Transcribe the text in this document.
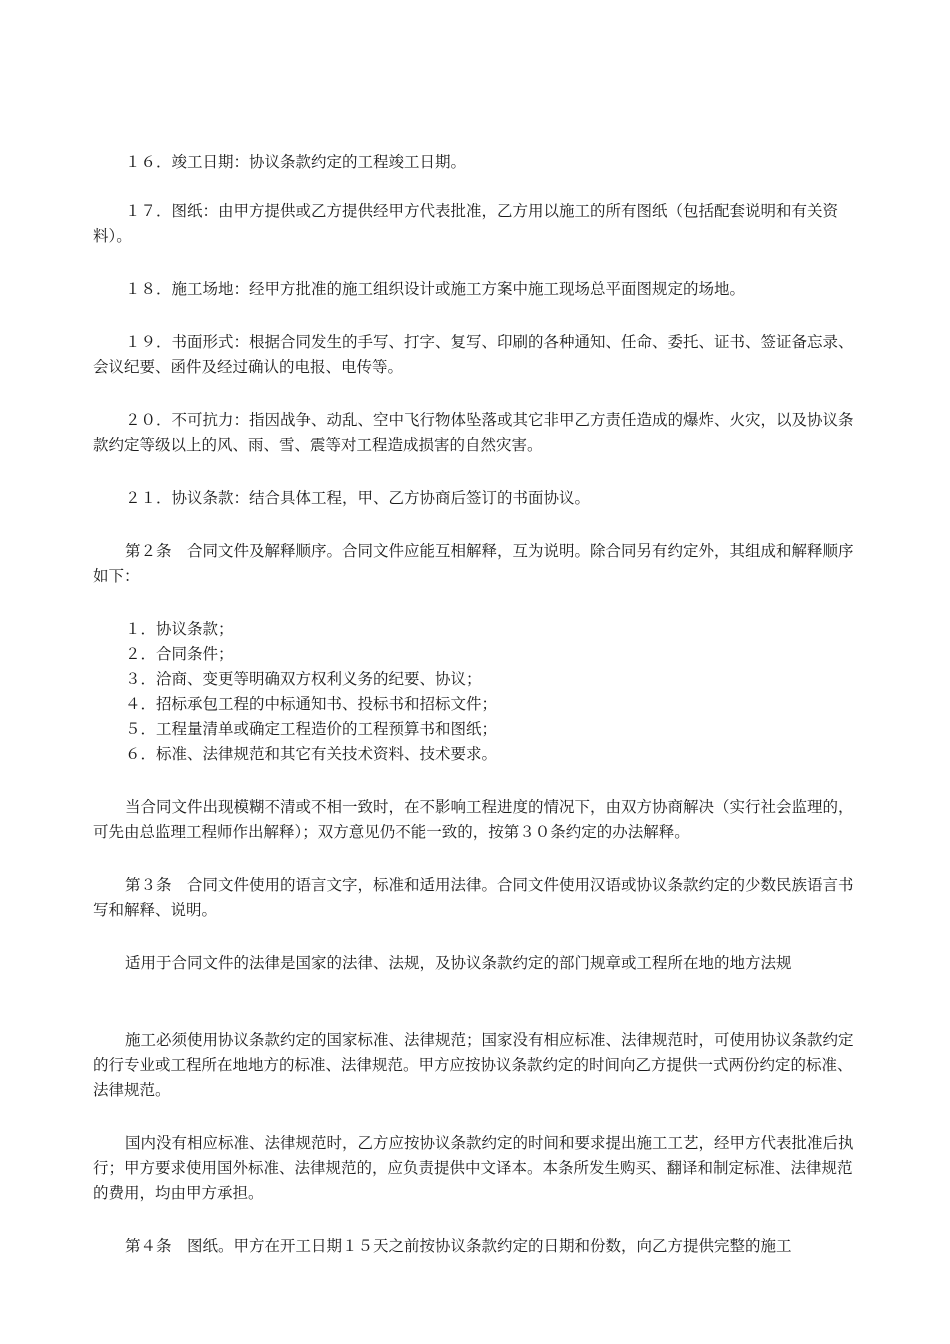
１６．竣工日期：协议条款约定的工程竣工日期。

１７．图纸：由甲方提供或乙方提供经甲方代表批准，乙方用以施工的所有图纸（包括配套说明和有关资料）。

１８．施工场地：经甲方批准的施工组织设计或施工方案中施工现场总平面图规定的场地。

１９．书面形式：根据合同发生的手写、打字、复写、印刷的各种通知、任命、委托、证书、签证备忘录、会议纪要、函件及经过确认的电报、电传等。

２０．不可抗力：指因战争、动乱、空中飞行物体坠落或其它非甲乙方责任造成的爆炸、火灾，以及协议条款约定等级以上的风、雨、雪、震等对工程造成损害的自然灾害。

２１．协议条款：结合具体工程，甲、乙方协商后签订的书面协议。

第２条　合同文件及解释顺序。合同文件应能互相解释，互为说明。除合同另有约定外，其组成和解释顺序如下：

１．协议条款；
２．合同条件；
３．洽商、变更等明确双方权利义务的纪要、协议；
４．招标承包工程的中标通知书、投标书和招标文件；
５．工程量清单或确定工程造价的工程预算书和图纸；
６．标准、法律规范和其它有关技术资料、技术要求。

当合同文件出现模糊不清或不相一致时，在不影响工程进度的情况下，由双方协商解决（实行社会监理的，可先由总监理工程师作出解释）；双方意见仍不能一致的，按第３０条约定的办法解释。

第３条　合同文件使用的语言文字，标准和适用法律。合同文件使用汉语或协议条款约定的少数民族语言书写和解释、说明。

适用于合同文件的法律是国家的法律、法规，及协议条款约定的部门规章或工程所在地的地方法规

施工必须使用协议条款约定的国家标准、法律规范；国家没有相应标准、法律规范时，可使用协议条款约定的行专业或工程所在地地方的标准、法律规范。甲方应按协议条款约定的时间向乙方提供一式两份约定的标准、法律规范。

国内没有相应标准、法律规范时，乙方应按协议条款约定的时间和要求提出施工工艺，经甲方代表批准后执行；甲方要求使用国外标准、法律规范的，应负责提供中文译本。本条所发生购买、翻译和制定标准、法律规范的费用，均由甲方承担。

第４条　图纸。甲方在开工日期１５天之前按协议条款约定的日期和份数，向乙方提供完整的施工
